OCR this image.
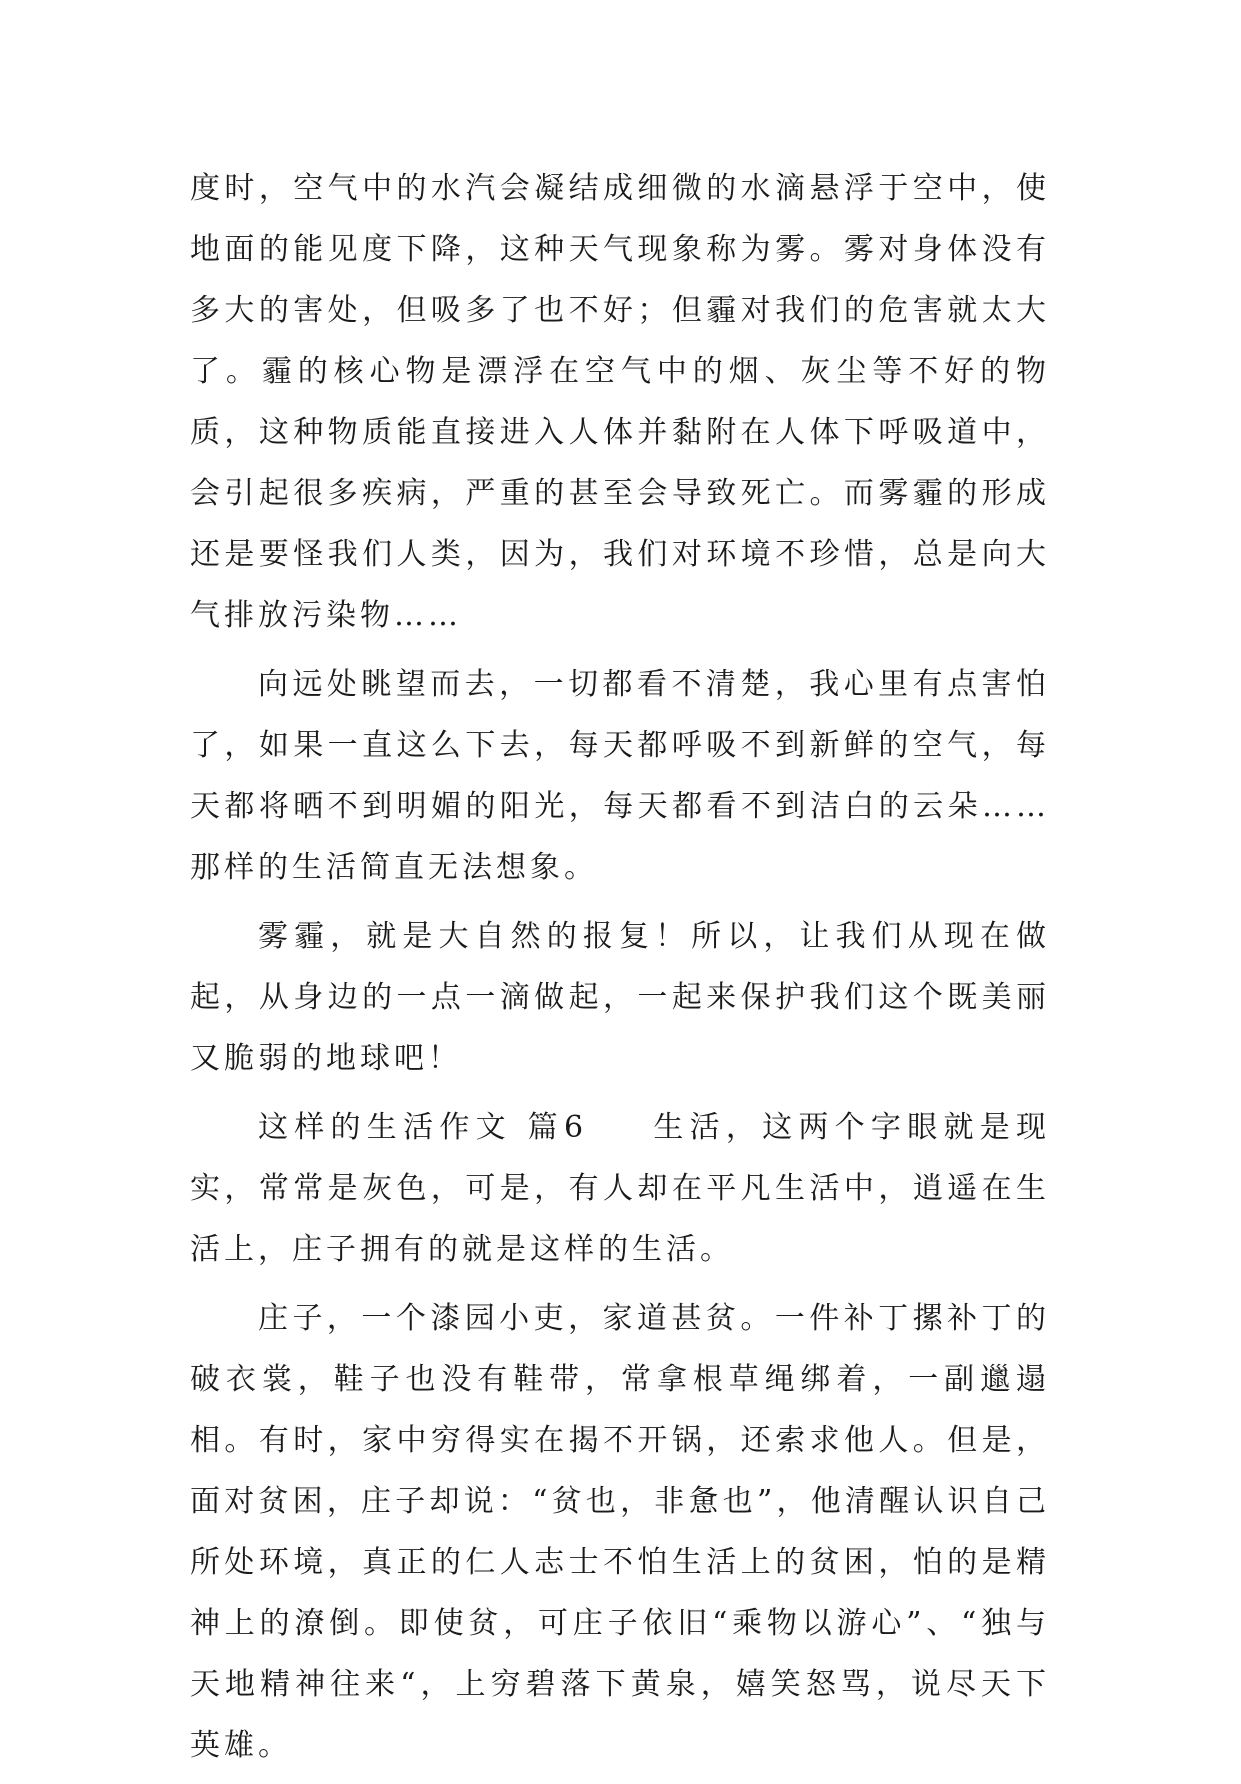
度时，空气中的水汽会凝结成细微的水滴悬浮于空中，使地面的能见度下降，这种天气现象称为雾。雾对身体没有多大的害处，但吸多了也不好；但霾对我们的危害就太大了。霾的核心物是漂浮在空气中的烟、灰尘等不好的物质，这种物质能直接进入人体并黏附在人体下呼吸道中，会引起很多疾病，严重的甚至会导致死亡。而雾霾的形成还是要怪我们人类，因为，我们对环境不珍惜，总是向大气排放污染物……

向远处眺望而去，一切都看不清楚，我心里有点害怕了，如果一直这么下去，每天都呼吸不到新鲜的空气，每天都将晒不到明媚的阳光，每天都看不到洁白的云朵……那样的生活简直无法想象。

雾霾，就是大自然的报复！所以，让我们从现在做起，从身边的一点一滴做起，一起来保护我们这个既美丽又脆弱的地球吧！

这样的生活作文 篇6 生活，这两个字眼就是现实，常常是灰色，可是，有人却在平凡生活中，逍遥在生活上，庄子拥有的就是这样的生活。

庄子，一个漆园小吏，家道甚贫。一件补丁摞补丁的破衣裳，鞋子也没有鞋带，常拿根草绳绑着，一副邋遢相。有时，家中穷得实在揭不开锅，还索求他人。但是，面对贫困，庄子却说：“贫也，非惫也”，他清醒认识自己所处环境，真正的仁人志士不怕生活上的贫困，怕的是精神上的潦倒。即使贫，可庄子依旧“乘物以游心”、“独与天地精神往来“，上穷碧落下黄泉，嬉笑怒骂，说尽天下英雄。
